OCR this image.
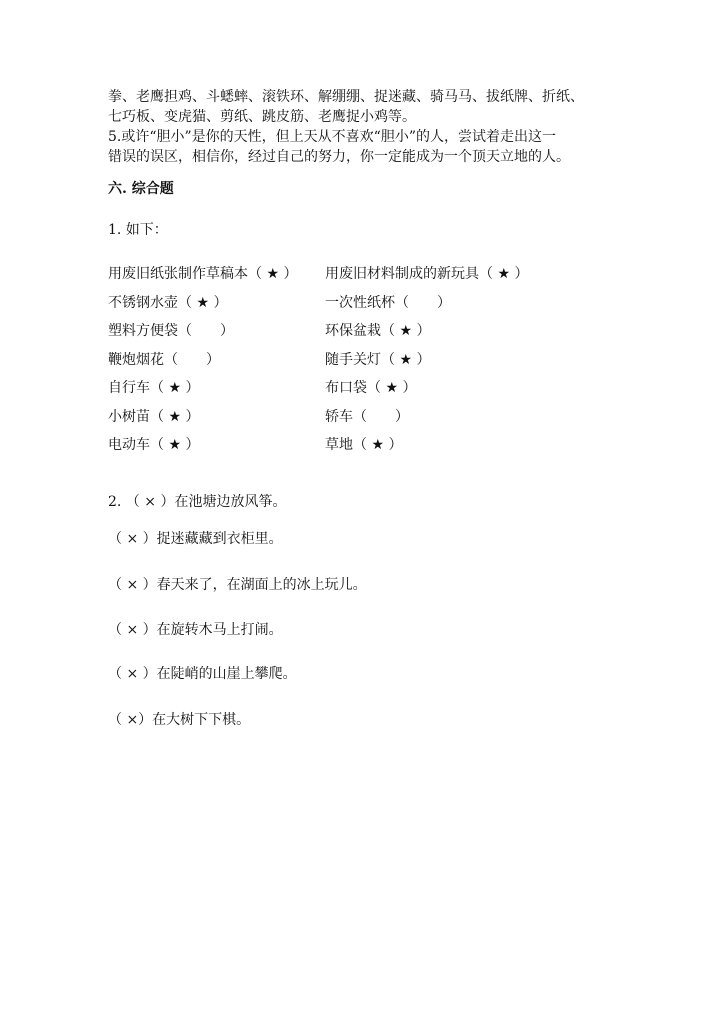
拳、老鹰担鸡、斗蟋蟀、滚铁环、解绷绷、捉迷藏、骑马马、拔纸牌、折纸、
七巧板、变虎猫、剪纸、跳皮筋、老鹰捉小鸡等。
5.或许“胆小”是你的天性，但上天从不喜欢“胆小”的人，尝试着走出这一
错误的误区，相信你，经过自己的努力，你一定能成为一个顶天立地的人。
六. 综合题
1. 如下：
用废旧纸张制作草稿本（ ★ ）
不锈钢水壶（ ★ ）
塑料方便袋（　　）
鞭炮烟花（　　）
自行车（ ★ ）
小树苗（ ★ ）
电动车（ ★ ）
用废旧材料制成的新玩具（ ★ ）
一次性纸杯（　　）
环保盆栽（ ★ ）
随手关灯（ ★ ）
布口袋（ ★ ）
轿车（　　）
草地（ ★ ）
2. （ × ）在池塘边放风筝。
（ × ）捉迷藏藏到衣柜里。
（ × ）春天来了，在湖面上的冰上玩儿。
（ × ）在旋转木马上打闹。
（ × ）在陡峭的山崖上攀爬。
（ ×）在大树下下棋。
